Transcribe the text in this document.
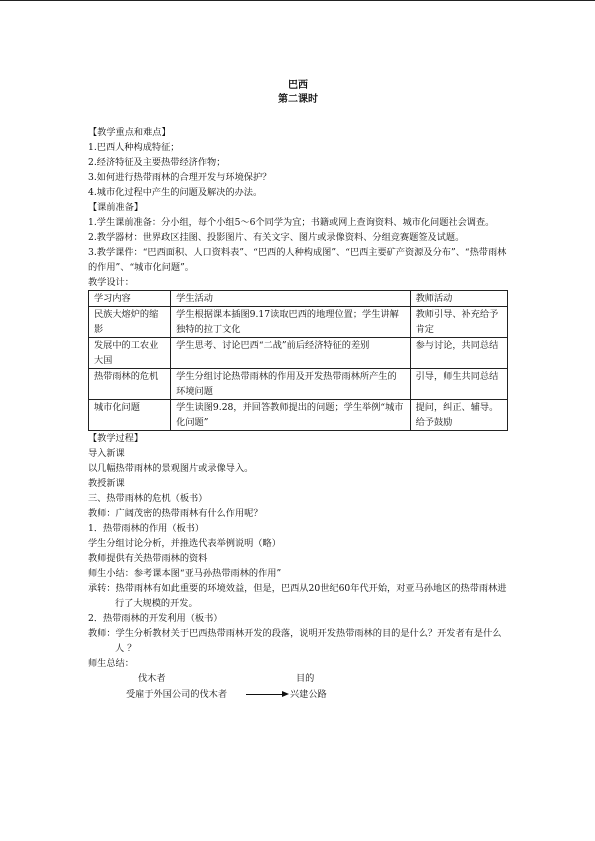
巴西
第二课时

【教学重点和难点】

1.巴西人种构成特征；

2.经济特征及主要热带经济作物；

3.如何进行热带雨林的合理开发与环境保护？

4.城市化过程中产生的问题及解决的办法。

【课前准备】

1.学生课前准备：分小组，每个小组5～6个同学为宜；书籍或网上查询资料、城市化问题社会调查。

2.教学器材：世界政区挂图、投影图片、有关文字、图片或录像资料、分组竞赛题签及试题。

3.教学课件：“巴西面积、人口资料表”、“巴西的人种构成图”、“巴西主要矿产资源及分布”、“热带雨林的作用”、“城市化问题”。

教学设计：

学习内容	学生活动	教师活动
民族大熔炉的缩影	学生根据课本插图9.17读取巴西的地理位置；学生讲解独特的拉丁文化	教师引导、补充给予肯定
发展中的工农业大国	学生思考、讨论巴西“二战”前后经济特征的差别	参与讨论，共同总结
热带雨林的危机	学生分组讨论热带雨林的作用及开发热带雨林所产生的环境问题	引导，师生共同总结
城市化问题	学生读图9.28，并回答教师提出的问题；学生举例“城市化问题”	提问，纠正、辅导。给予鼓励

【教学过程】

导入新课

以几幅热带雨林的景观图片或录像导入。

教授新课

三、热带雨林的危机（板书）

教师：广阔茂密的热带雨林有什么作用呢？

1．热带雨林的作用（板书）

学生分组讨论分析，并推选代表举例说明（略）

教师提供有关热带雨林的资料

师生小结：参考课本图“亚马孙热带雨林的作用”

承转：热带雨林有如此重要的环境效益，但是，巴西从20世纪60年代开始，对亚马孙地区的热带雨林进行了大规模的开发。

2．热带雨林的开发利用（板书）

教师：学生分析教材关于巴西热带雨林开发的段落，说明开发热带雨林的目的是什么？开发者有是什么人 ？

师生总结：

伐木者	目的
受雇于外国公司的伐木者	兴建公路
